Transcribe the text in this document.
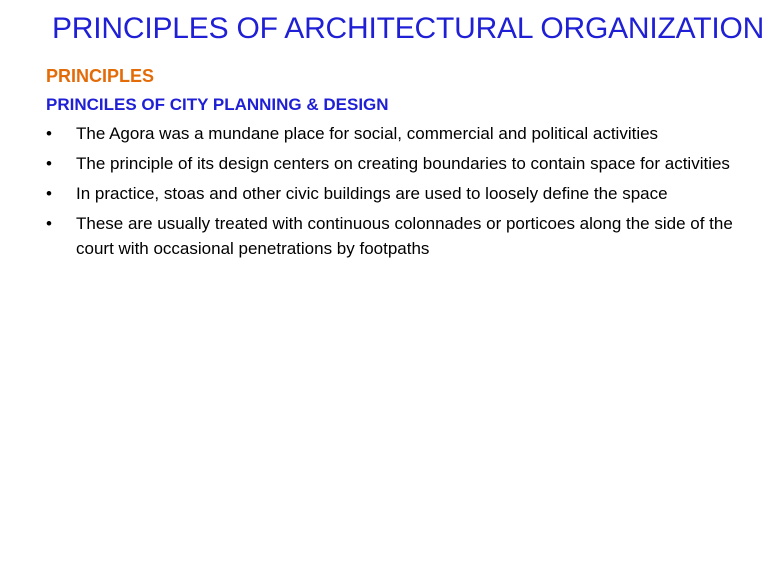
PRINCIPLES OF ARCHITECTURAL ORGANIZATION
PRINCIPLES
PRINCILES OF CITY PLANNING & DESIGN
• The Agora was a mundane place for social, commercial and political activities
• The principle of its design centers on creating boundaries to contain space for activities
• In practice, stoas and other civic buildings are used to loosely define the space
• These are usually treated with continuous colonnades or porticoes along the side of the court with occasional penetrations by footpaths
